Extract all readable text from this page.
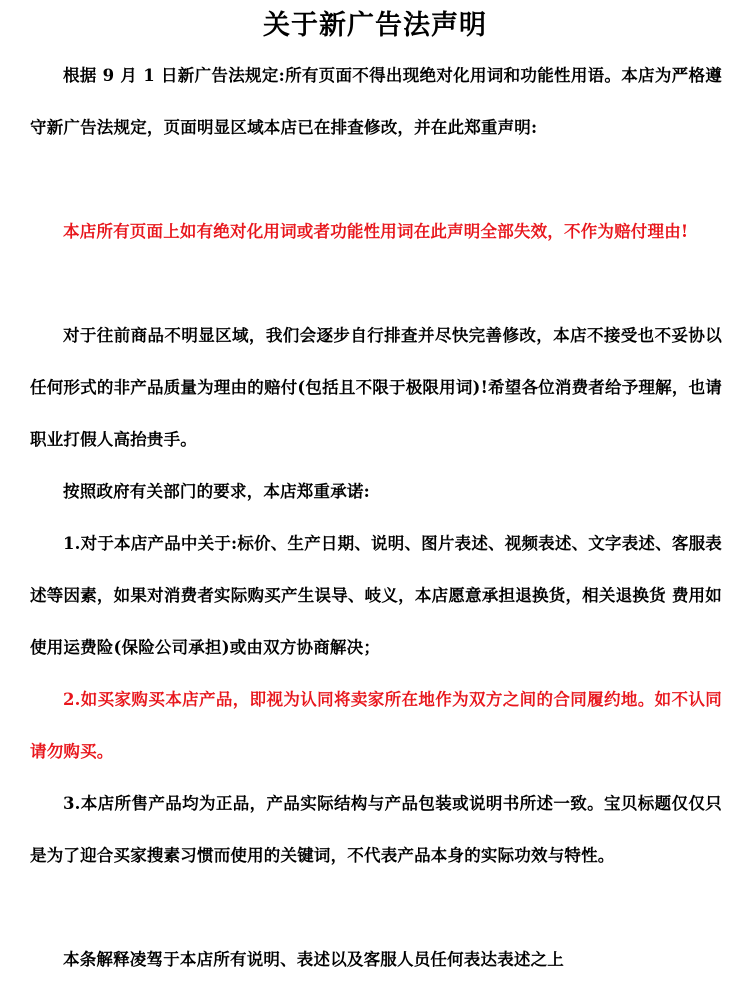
关于新广告法声明
根据 9 月 1 日新广告法规定:所有页面不得出现绝对化用词和功能性用语。本店为严格遵守新广告法规定，页面明显区域本店已在排查修改，并在此郑重声明:
本店所有页面上如有绝对化用词或者功能性用词在此声明全部失效，不作为赔付理由!
对于往前商品不明显区域，我们会逐步自行排查并尽快完善修改，本店不接受也不妥协以任何形式的非产品质量为理由的赔付(包括且不限于极限用词)!希望各位消费者给予理解，也请职业打假人高抬贵手。
按照政府有关部门的要求，本店郑重承诺:
1.对于本店产品中关于:标价、生产日期、说明、图片表述、视频表述、文字表述、客服表述等因素，如果对消费者实际购买产生误导、岐义，本店愿意承担退换货，相关退换货 费用如使用运费险(保险公司承担)或由双方协商解决；
2.如买家购买本店产品，即视为认同将卖家所在地作为双方之间的合同履约地。如不认同请勿购买。
3.本店所售产品均为正品，产品实际结构与产品包装或说明书所述一致。宝贝标题仅仅只是为了迎合买家搜素习惯而使用的关键词，不代表产品本身的实际功效与特性。
本条解释凌驾于本店所有说明、表述以及客服人员任何表达表述之上
